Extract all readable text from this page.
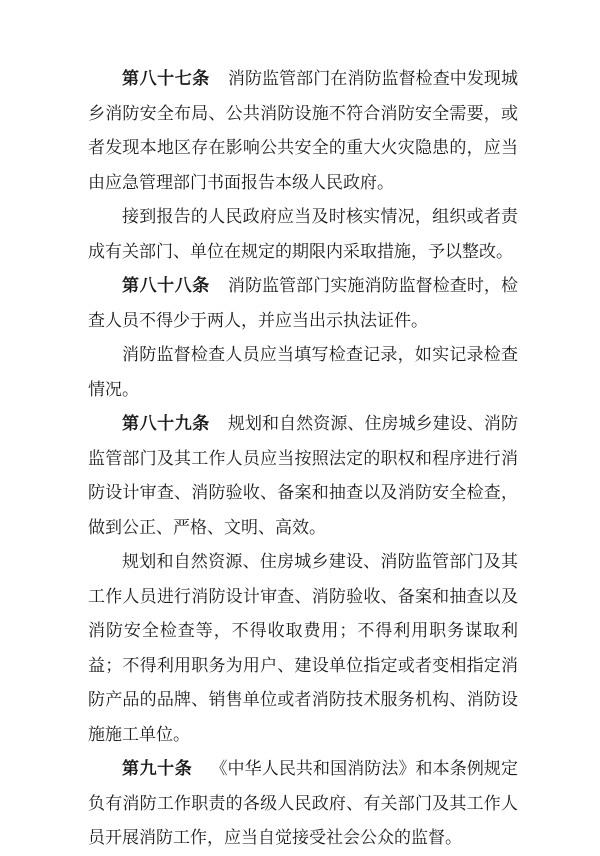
第八十七条 消防监管部门在消防监督检查中发现城乡消防安全布局、公共消防设施不符合消防安全需要，或者发现本地区存在影响公共安全的重大火灾隐患的，应当由应急管理部门书面报告本级人民政府。

接到报告的人民政府应当及时核实情况，组织或者责成有关部门、单位在规定的期限内采取措施，予以整改。

第八十八条 消防监管部门实施消防监督检查时，检查人员不得少于两人，并应当出示执法证件。

消防监督检查人员应当填写检查记录，如实记录检查情况。

第八十九条 规划和自然资源、住房城乡建设、消防监管部门及其工作人员应当按照法定的职权和程序进行消防设计审查、消防验收、备案和抽查以及消防安全检查，做到公正、严格、文明、高效。

规划和自然资源、住房城乡建设、消防监管部门及其工作人员进行消防设计审查、消防验收、备案和抽查以及消防安全检查等，不得收取费用；不得利用职务谋取利益；不得利用职务为用户、建设单位指定或者变相指定消防产品的品牌、销售单位或者消防技术服务机构、消防设施施工单位。

第九十条 《中华人民共和国消防法》和本条例规定负有消防工作职责的各级人民政府、有关部门及其工作人员开展消防工作，应当自觉接受社会公众的监督。
